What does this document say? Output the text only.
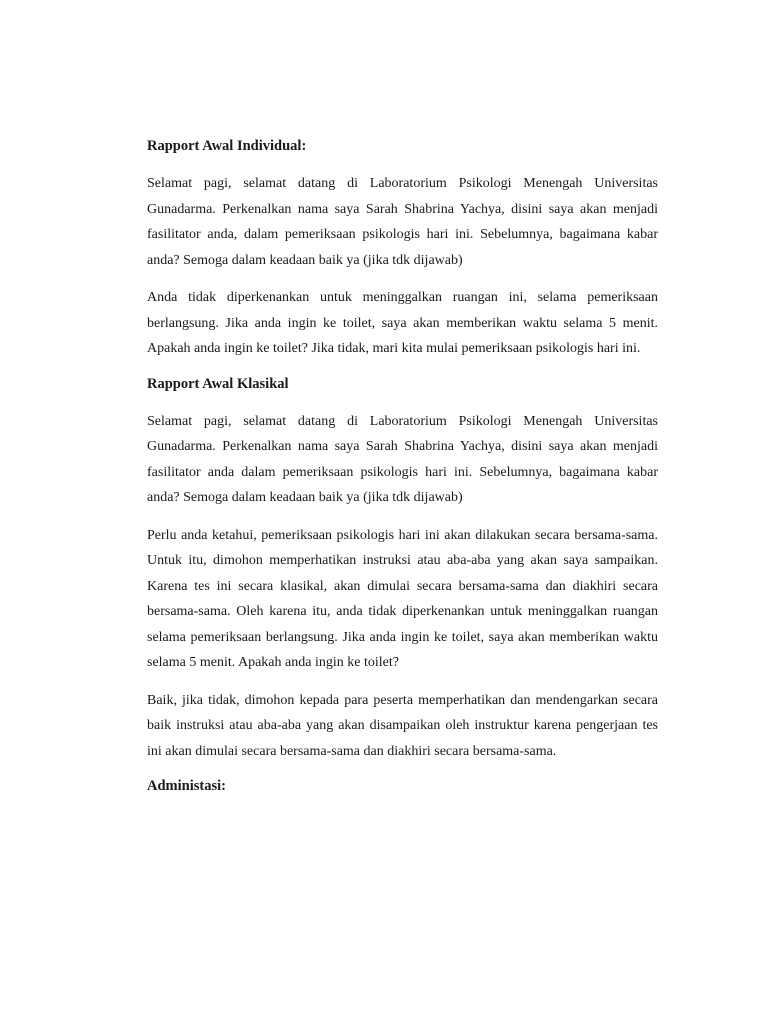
Rapport Awal Individual:

Selamat pagi, selamat datang di Laboratorium Psikologi Menengah Universitas Gunadarma. Perkenalkan nama saya Sarah Shabrina Yachya, disini saya akan menjadi fasilitator anda, dalam pemeriksaan psikologis hari ini. Sebelumnya, bagaimana kabar anda? Semoga dalam keadaan baik ya (jika tdk dijawab)

Anda tidak diperkenankan untuk meninggalkan ruangan ini, selama pemeriksaan berlangsung. Jika anda ingin ke toilet, saya akan memberikan waktu selama 5 menit. Apakah anda ingin ke toilet? Jika tidak, mari kita mulai pemeriksaan psikologis hari ini.

Rapport Awal Klasikal

Selamat pagi, selamat datang di Laboratorium Psikologi Menengah Universitas Gunadarma. Perkenalkan nama saya Sarah Shabrina Yachya, disini saya akan menjadi fasilitator anda dalam pemeriksaan psikologis hari ini. Sebelumnya, bagaimana kabar anda? Semoga dalam keadaan baik ya (jika tdk dijawab)

Perlu anda ketahui, pemeriksaan psikologis hari ini akan dilakukan secara bersama-sama. Untuk itu, dimohon memperhatikan instruksi atau aba-aba yang akan saya sampaikan. Karena tes ini secara klasikal, akan dimulai secara bersama-sama dan diakhiri secara bersama-sama. Oleh karena itu, anda tidak diperkenankan untuk meninggalkan ruangan selama pemeriksaan berlangsung. Jika anda ingin ke toilet, saya akan memberikan waktu selama 5 menit. Apakah anda ingin ke toilet?

Baik, jika tidak, dimohon kepada para peserta memperhatikan dan mendengarkan secara baik instruksi atau aba-aba yang akan disampaikan oleh instruktur karena pengerjaan tes ini akan dimulai secara bersama-sama dan diakhiri secara bersama-sama.

Administasi:
